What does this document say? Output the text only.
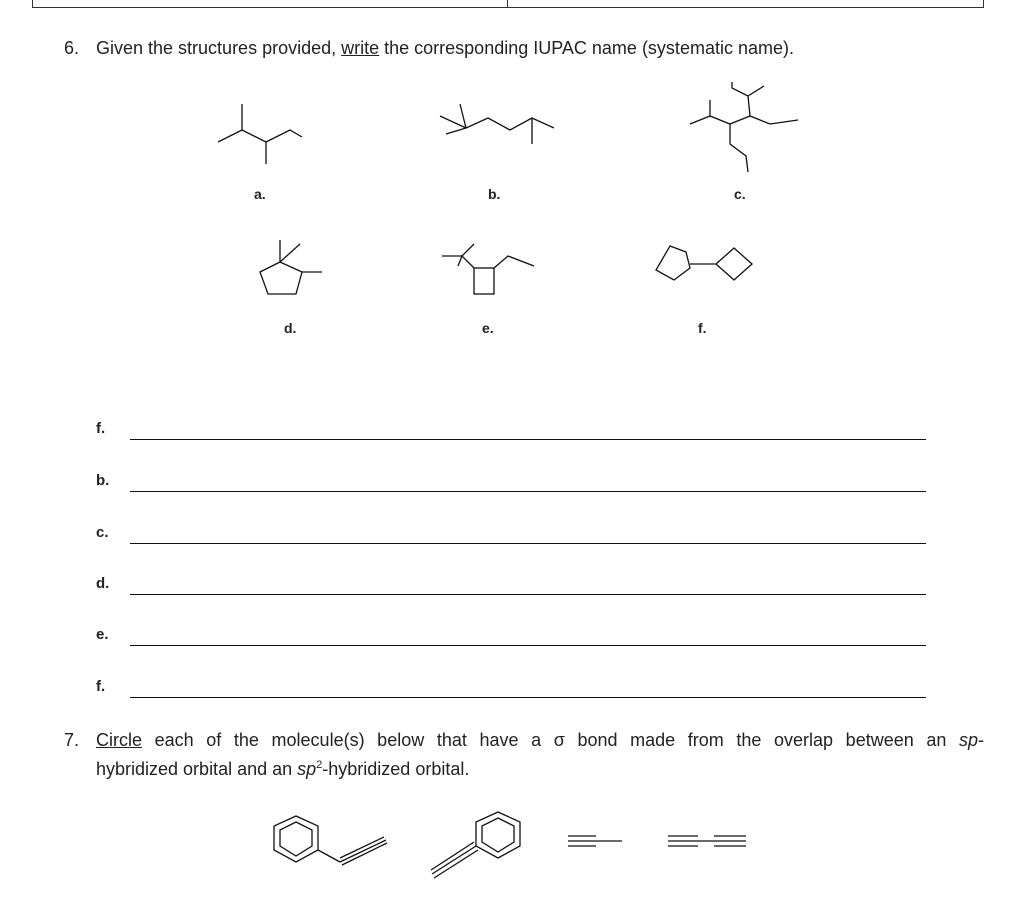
6. Given the structures provided, write the corresponding IUPAC name (systematic name).
a.	b.	c.
d.	e.	f.
f.
b.
c.
d.
e.
f.
7. Circle each of the molecule(s) below that have a σ bond made from the overlap between an sp-
hybridized orbital and an $sp^2$-hybridized orbital.
